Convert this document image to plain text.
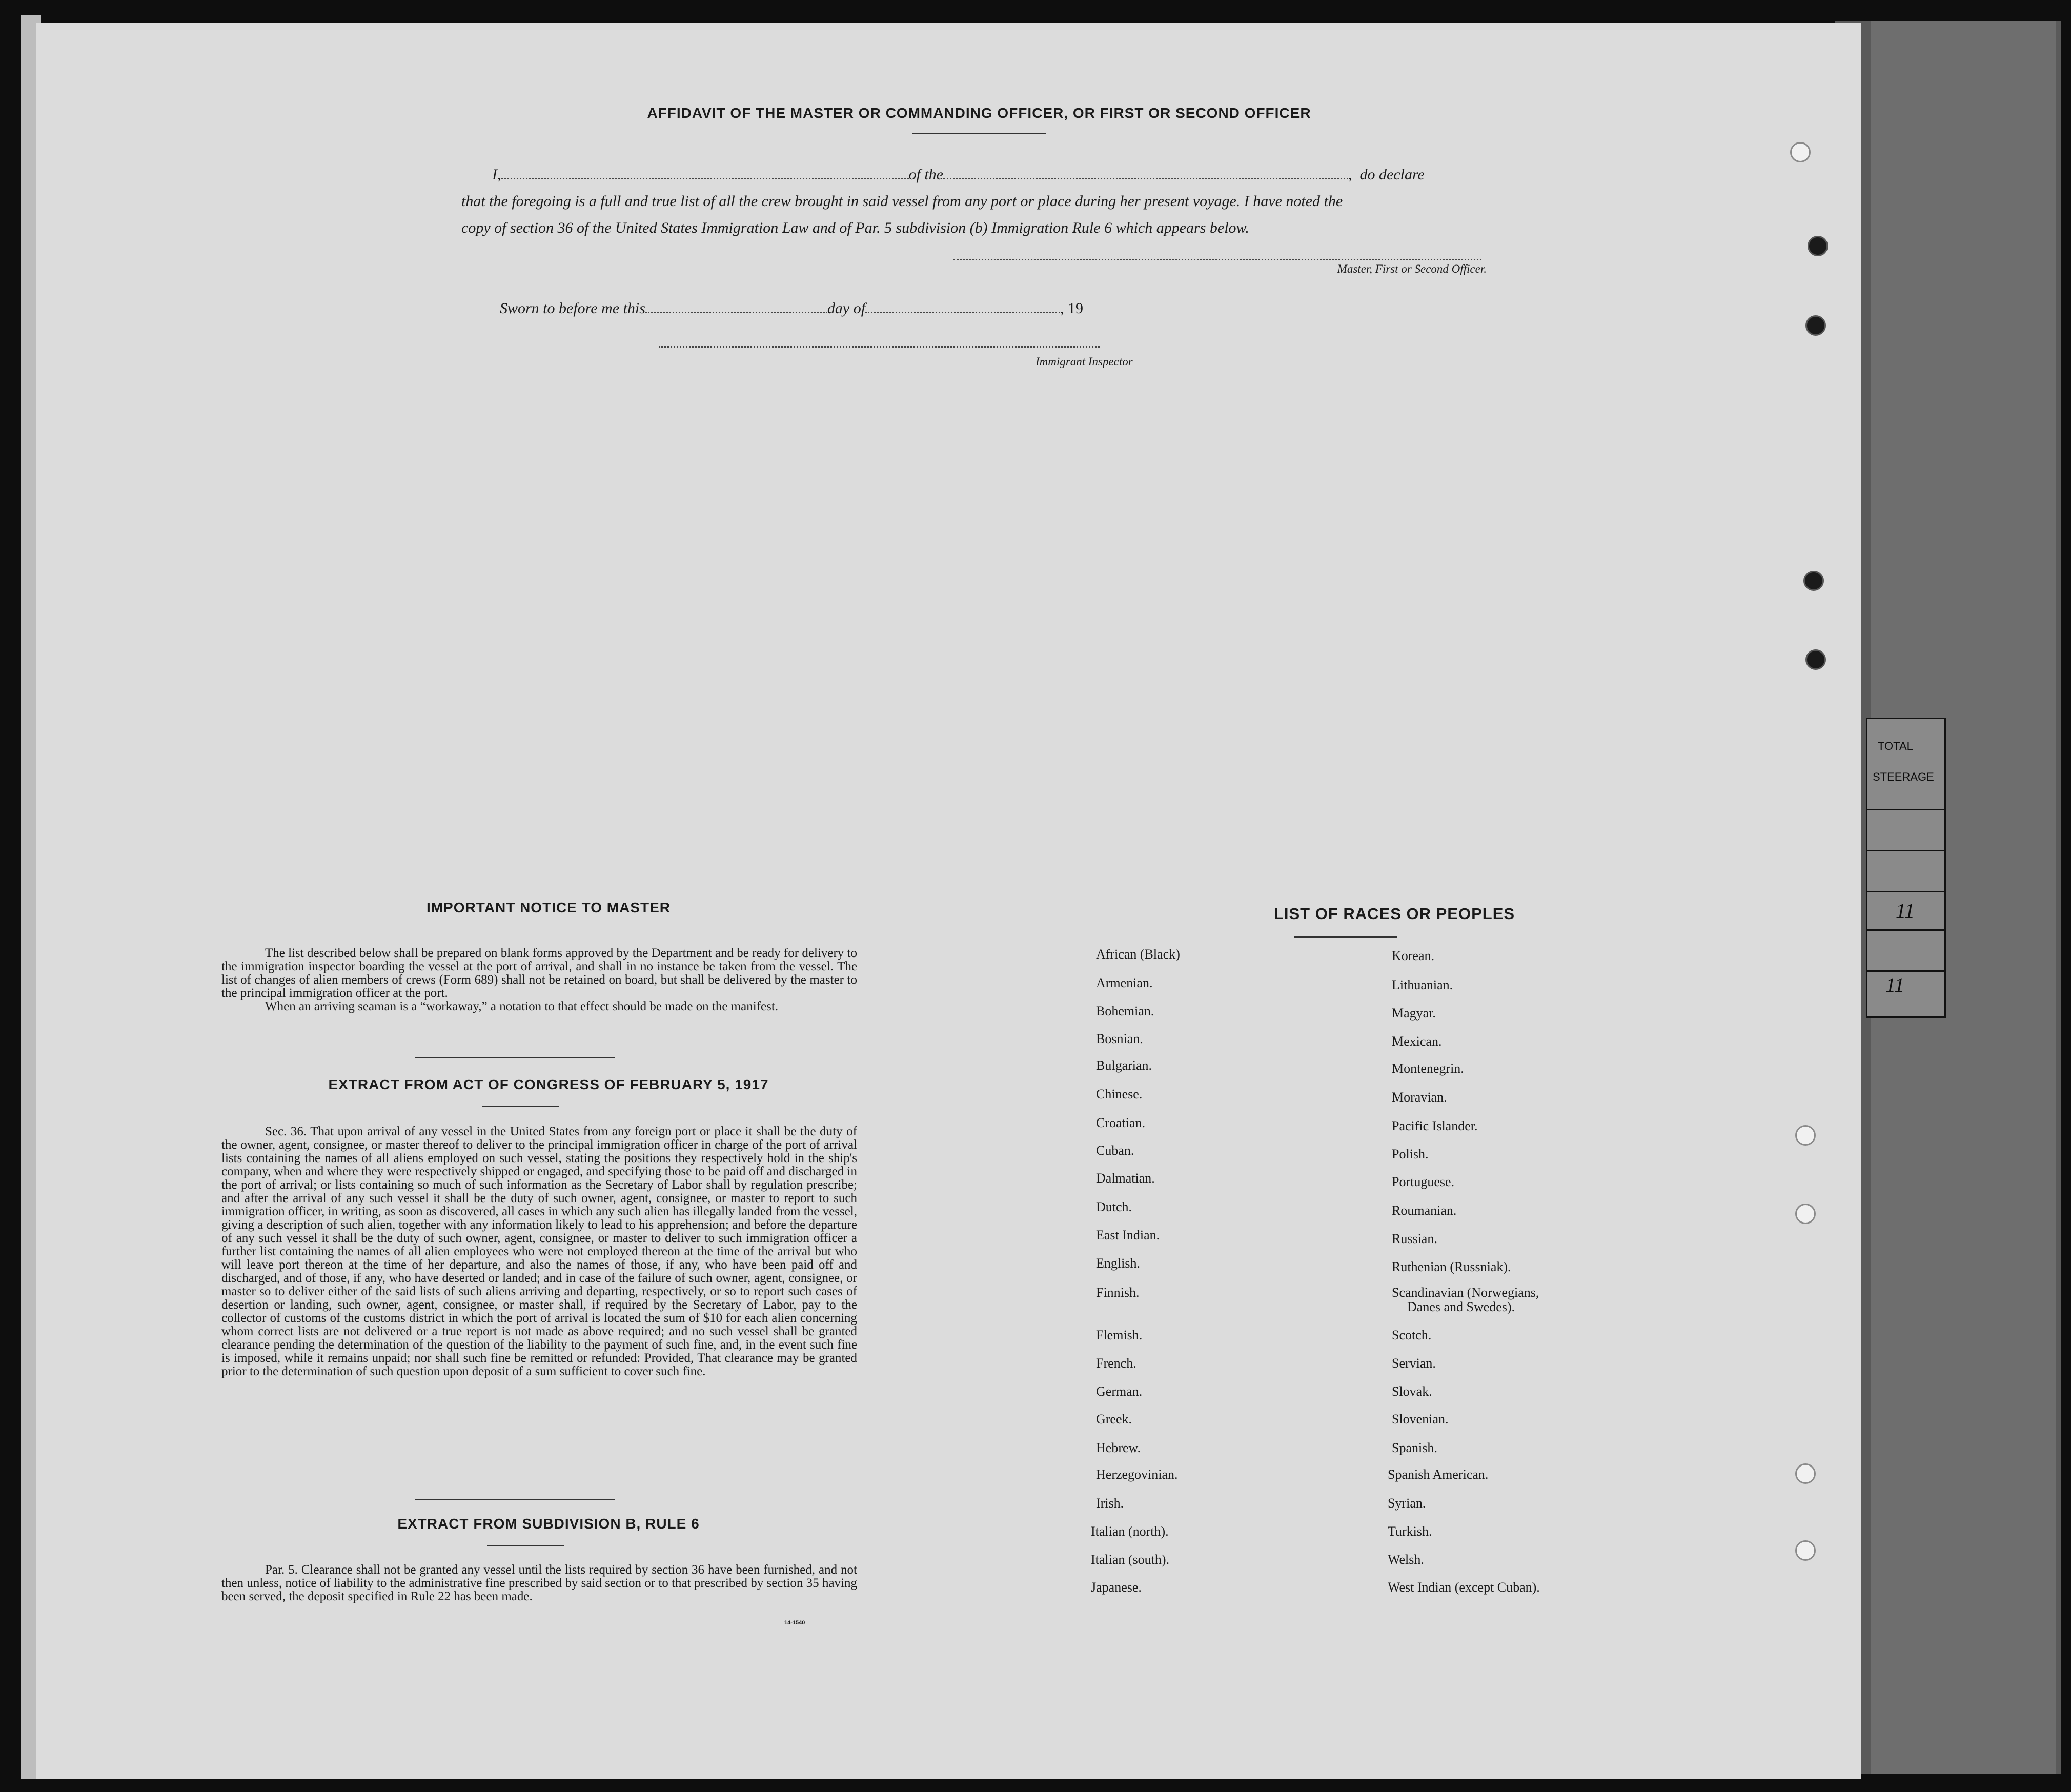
TOTAL
STEERAGE
11
11
AFFIDAVIT OF THE MASTER OR COMMANDING OFFICER, OR FIRST OR SECOND OFFICER
I,	of the	,  do declare
that the foregoing is a full and true list of all the crew brought in said vessel from any port or place during her present voyage. I have noted the
copy of section 36 of the United States Immigration Law and of Par. 5 subdivision (b) Immigration Rule 6 which appears below.
Master, First or Second Officer.
Sworn to before me this	day of	, 19
Immigrant Inspector
IMPORTANT NOTICE TO MASTER

The list described below shall be prepared on blank forms approved by the Department and be ready for delivery to the immigration inspector boarding the vessel at the port of arrival, and shall in no instance be taken from the vessel. The list of changes of alien members of crews (Form 689) shall not be retained on board, but shall be delivered by the master to the principal immigration officer at the port.

When an arriving seaman is a “workaway,” a notation to that effect should be made on the manifest.

EXTRACT FROM ACT OF CONGRESS OF FEBRUARY 5, 1917

Sec. 36. That upon arrival of any vessel in the United States from any foreign port or place it shall be the duty of the owner, agent, consignee, or master thereof to deliver to the principal immigration officer in charge of the port of arrival lists containing the names of all aliens employed on such vessel, stating the positions they respectively hold in the ship's company, when and where they were respectively shipped or engaged, and specifying those to be paid off and discharged in the port of arrival; or lists containing so much of such information as the Secretary of Labor shall by regulation prescribe; and after the arrival of any such vessel it shall be the duty of such owner, agent, consignee, or master to report to such immigration officer, in writing, as soon as discovered, all cases in which any such alien has illegally landed from the vessel, giving a description of such alien, together with any information likely to lead to his apprehension; and before the departure of any such vessel it shall be the duty of such owner, agent, consignee, or master to deliver to such immigration officer a further list containing the names of all alien employees who were not employed thereon at the time of the arrival but who will leave port thereon at the time of her departure, and also the names of those, if any, who have been paid off and discharged, and of those, if any, who have deserted or landed; and in case of the failure of such owner, agent, consignee, or master so to deliver either of the said lists of such aliens arriving and departing, respectively, or so to report such cases of desertion or landing, such owner, agent, consignee, or master shall, if required by the Secretary of Labor, pay to the collector of customs of the customs district in which the port of arrival is located the sum of $10 for each alien concerning whom correct lists are not delivered or a true report is not made as above required; and no such vessel shall be granted clearance pending the determination of the question of the liability to the payment of such fine, and, in the event such fine is imposed, while it remains unpaid; nor shall such fine be remitted or refunded: Provided, That clearance may be granted prior to the determination of such question upon deposit of a sum sufficient to cover such fine.

EXTRACT FROM SUBDIVISION B, RULE 6

Par. 5. Clearance shall not be granted any vessel until the lists required by section 36 have been furnished, and not then unless, notice of liability to the administrative fine prescribed by said section or to that prescribed by section 35 having been served, the deposit specified in Rule 22 has been made.

14-1540
LIST OF RACES OR PEOPLES
African (Black)
Armenian.
Bohemian.
Bosnian.
Bulgarian.
Chinese.
Croatian.
Cuban.
Dalmatian.
Dutch.
East Indian.
English.
Finnish.
Flemish.
French.
German.
Greek.
Hebrew.
Herzegovinian.
Irish.
Italian (north).
Italian (south).
Japanese.
Korean.
Lithuanian.
Magyar.
Mexican.
Montenegrin.
Moravian.
Pacific Islander.
Polish.
Portuguese.
Roumanian.
Russian.
Ruthenian (Russniak).
Scandinavian (Norwegians,
Scotch.
Servian.
Slovak.
Slovenian.
Spanish.
Spanish American.
Syrian.
Turkish.
Welsh.
West Indian (except Cuban).
Danes and Swedes).
